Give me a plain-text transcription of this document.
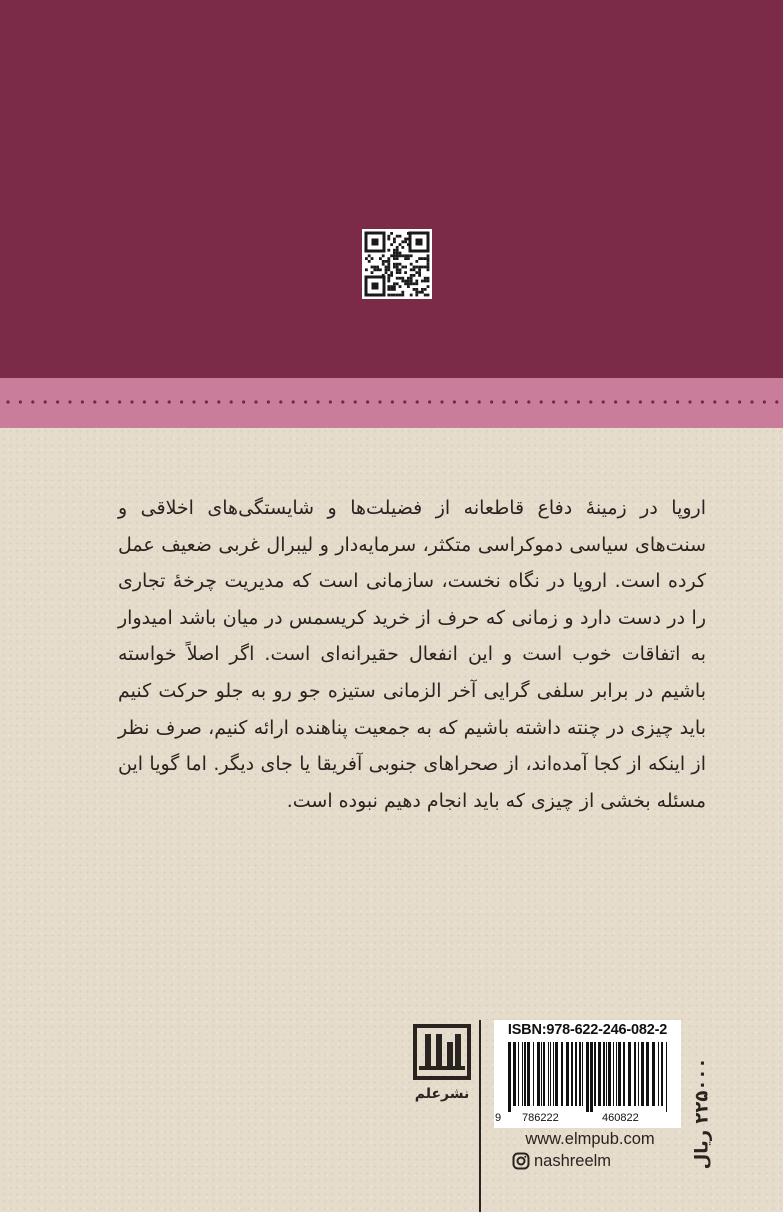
اروپا در زمینهٔ دفاع قاطعانه از فضیلت‌ها و شایستگی‌های اخلاقی و سنت‌های سیاسی دموکراسی متکثر، سرمایه‌دار و لیبرال غربی ضعیف عمل کرده است. اروپا در نگاه نخست، سازمانی است که مدیریت چرخهٔ تجاری را در دست دارد و زمانی که حرف از خرید کریسمس در میان باشد امیدوار به اتفاقات خوب است و این انفعال حقیرانه‌ای است. اگر اصلاً خواسته باشیم در برابر سلفی گرایی آخر الزمانی ستیزه جو رو به جلو حرکت کنیم باید چیزی در چنته داشته باشیم که به جمعیت پناهنده ارائه کنیم، صرف نظر از اینکه از کجا آمده‌اند، از صحراهای جنوبی آفریقا یا جای دیگر. اما گویا این مسئله بخشی از چیزی که باید انجام دهیم نبوده است.

نشرعلم
ISBN:978-622-246-082-2
9 786222	460822
www.elmpub.com
nashreelm	۲۲۵۰۰۰ ریال
